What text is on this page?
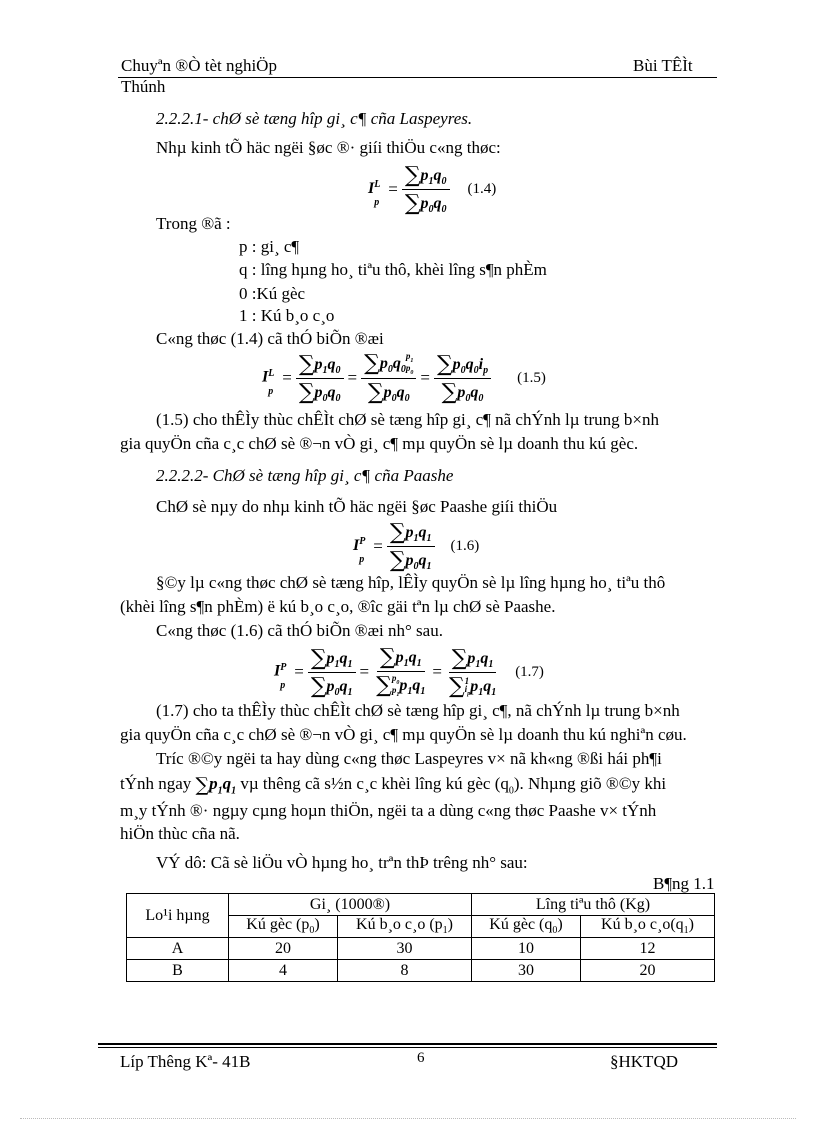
Chuyªn ®Ò tèt nghiÖp	Bùi TÊÌt
Thúnh
2.2.2.1- chØ sè tæng hîp gi¸ c¶ cña Laspeyres.
Nhµ kinh tÕ häc ngëi §øc ®· giíi thiÖu c«ng thøc:
I L
p
= $\frac{\sum p_1q_0}{\sum p_0q_0} (1.4)$
Trong ®ã :
p : gi¸ c¶
q : lîng hµng ho¸ tiªu thô, khèi lîng s¶n phÈm
0 :Kú gèc
1 : Kú b¸o c¸o
C«ng thøc (1.4) cã thÓ biÕn ®æi
I L
p
= $\frac{\sum p_1q_0}{\sum p_0q_0} = \sum p_0q_0$
$p_1$
$p_0$
$\sum p_0q_0 = \frac{\sum p_0q_0i_p}{\sum p_0q_0} (1.5)$
(1.5) cho thÊÌy thùc chÊÌt chØ sè tæng hîp gi¸ c¶ nã chÝnh lµ trung b×nh
gia quyÖn cña c¸c chØ sè ®¬n vÒ gi¸ c¶ mµ quyÖn sè lµ doanh thu kú gèc.
2.2.2.2- ChØ sè tæng hîp gi¸ c¶ cña Paashe
ChØ sè nµy do nhµ kinh tÕ häc ngëi §øc Paashe giíi thiÖu
I P
p
= $\frac{\sum p_1q_1}{\sum p_0q_1} (1.6)$
§©y lµ c«ng thøc chØ sè tæng hîp, lÊÌy quyÖn sè lµ lîng hµng ho¸ tiªu thô
(khèi lîng s¶n phÈm) ë kú b¸o c¸o, ®îc gäi tªn lµ chØ sè Paashe.
C«ng thøc (1.6) cã thÓ biÕn ®æi nh° sau.
I P
p
= $\frac{\sum p_1q_1}{\sum p_0q_1} = \sum p_1q_1$
∑ $p_0$
$p_1$
$p_1q_1 = \sum p_1q_1$
∑ 1
$i_p$ $p_1q_1$ (1.7)
(1.7) cho ta thÊÌy thùc chÊÌt chØ sè tæng hîp gi¸ c¶, nã chÝnh lµ trung b×nh
gia quyÖn cña c¸c chØ sè ®¬n vÒ gi¸ c¶ mµ quyÖn sè lµ doanh thu kú nghiªn cøu.
Tríc ®©y ngëi ta hay dùng c«ng thøc Laspeyres v× nã kh«ng ®ßi hái ph¶i
tÝnh ngay $\sum p_1q_1$ vµ thêng cã s½n c¸c khèi lîng kú gèc $(q_0)$. Nhµng giõ ®©y khi
m¸y tÝnh ®· ngµy cµng hoµn thiÖn, ngëi ta a dùng c«ng thøc Paashe v× tÝnh
hiÖn thùc cña nã.
VÝ dô: Cã sè liÖu vÒ hµng ho¸ trªn thÞ trêng nh° sau:
B¶ng 1.1
Lo¹i hµng	Gi¸ (1000®)		Lîng tiªu thô (Kg)	
	Kú gèc $(p_0)$	Kú b¸o c¸o $(p_1)$	Kú gèc $(q_0)$	Kú b¸o $c¸o(q_1)$
A	20	30	10	12
B	4	8	30	20
Líp Thêng Kª- 41B	6	§HKTQD
